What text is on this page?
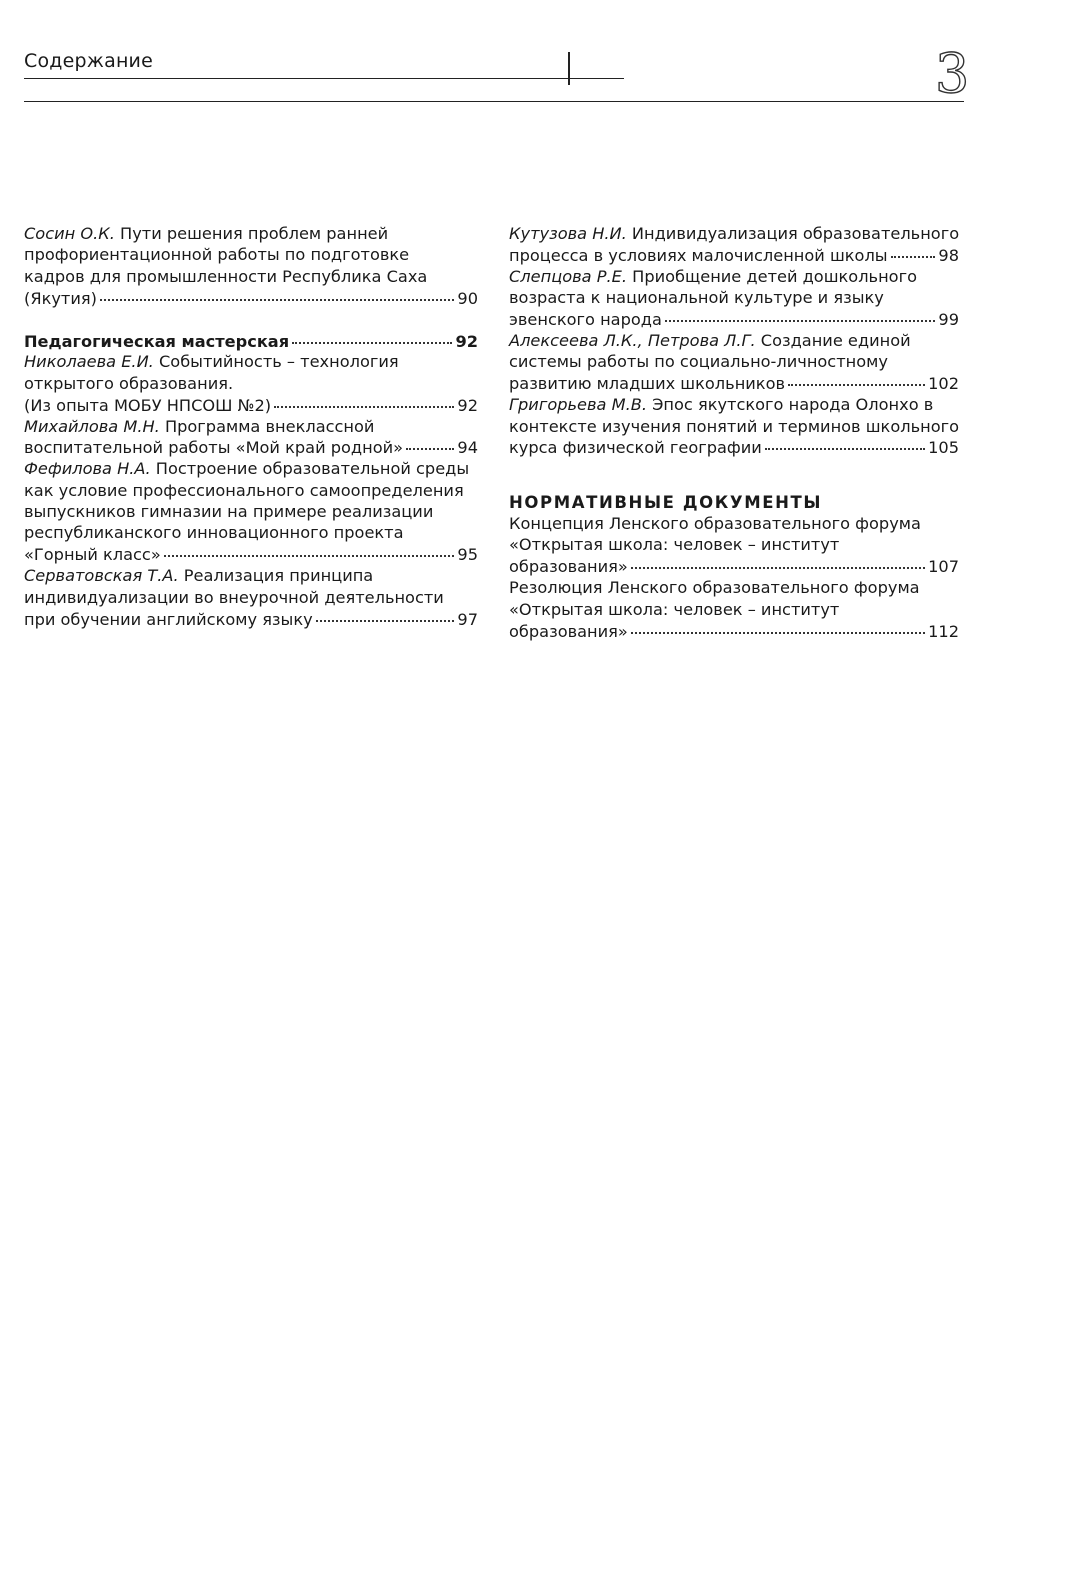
Содержание	3
Сосин О.К. Пути решения проблем ранней
профориентационной работы по подготовке
кадров для промышленности Республика Саха
(Якутия)	90
Педагогическая мастерская	92
Николаева Е.И. Событийность – технология
открытого образования.
(Из опыта МОБУ НПСОШ №2)	92
Михайлова М.Н. Программа внеклассной
воспитательной работы «Мой край родной»	94
Фефилова Н.А. Построение образовательной среды
как условие профессионального самоопределения
выпускников гимназии на примере реализации
республиканского инновационного проекта
«Горный класс»	95
Серватовская Т.А. Реализация принципа
индивидуализации во внеурочной деятельности
при обучении английскому языку	97
Кутузова Н.И. Индивидуализация образовательного
процесса в условиях малочисленной школы	98
Слепцова Р.Е. Приобщение детей дошкольного
возраста к национальной культуре и языку
эвенского народа	99
Алексеева Л.К., Петрова Л.Г. Создание единой
системы работы по социально-личностному
развитию младших школьников	102
Григорьева М.В. Эпос якутского народа Олонхо в
контексте изучения понятий и терминов школьного
курса физической географии	105
НОРМАТИВНЫЕ ДОКУМЕНТЫ
Концепция Ленского образовательного форума
«Открытая школа: человек – институт
образования»	107
Резолюция Ленского образовательного форума
«Открытая школа: человек – институт
образования»	112
